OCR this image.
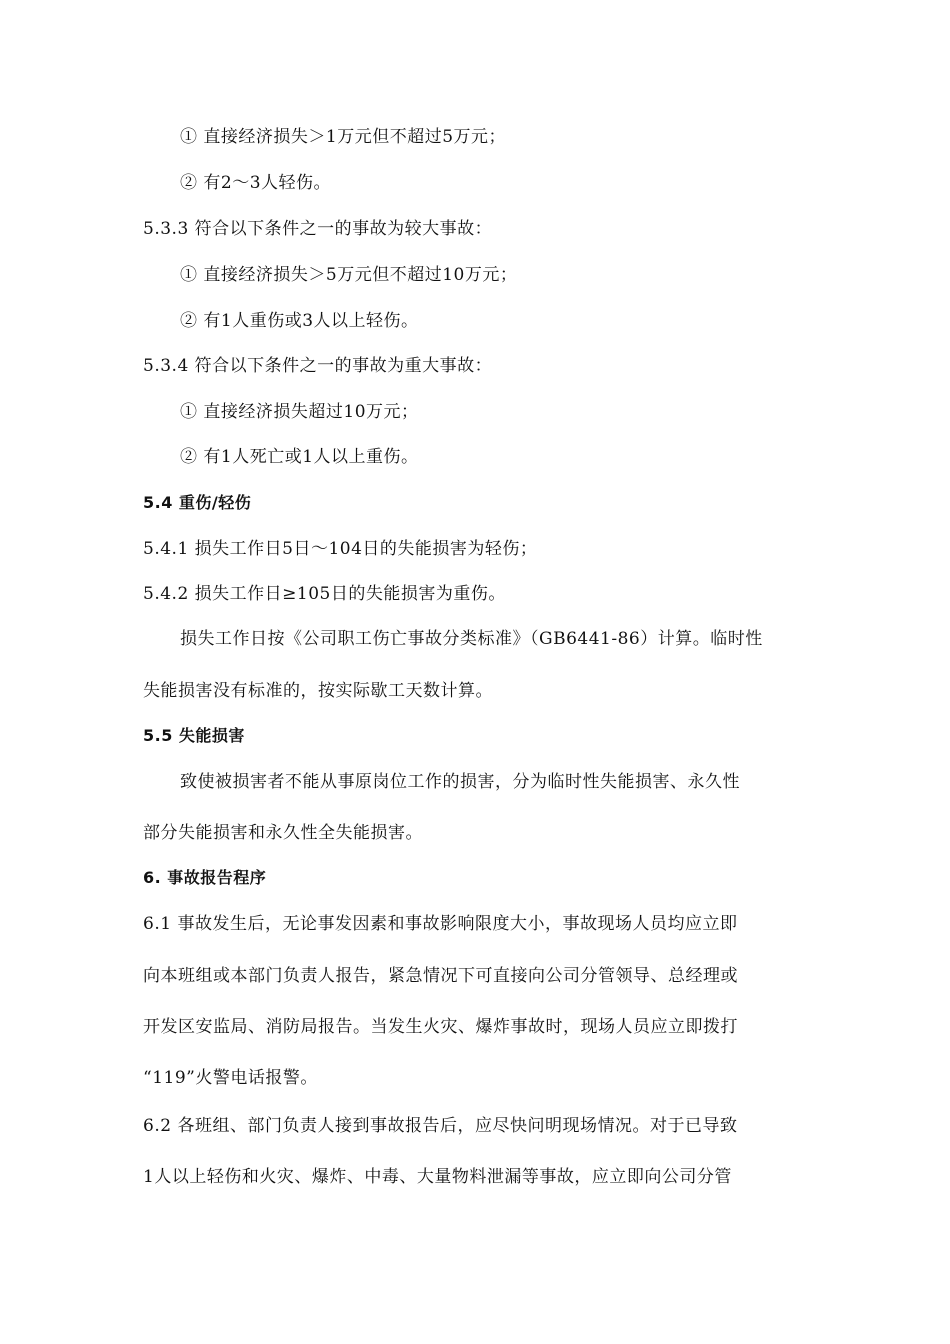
① 直接经济损失＞1万元但不超过5万元；
② 有2～3人轻伤。
5.3.3 符合以下条件之一的事故为较大事故：
① 直接经济损失＞5万元但不超过10万元；
② 有1人重伤或3人以上轻伤。
5.3.4 符合以下条件之一的事故为重大事故：
① 直接经济损失超过10万元；
② 有1人死亡或1人以上重伤。
5.4 重伤/轻伤
5.4.1 损失工作日5日～104日的失能损害为轻伤；
5.4.2 损失工作日≥105日的失能损害为重伤。
损失工作日按《公司职工伤亡事故分类标准》（GB6441-86）计算。临时性
失能损害没有标准的，按实际歇工天数计算。
5.5 失能损害
致使被损害者不能从事原岗位工作的损害，分为临时性失能损害、永久性
部分失能损害和永久性全失能损害。
6. 事故报告程序
6.1 事故发生后，无论事发因素和事故影响限度大小，事故现场人员均应立即
向本班组或本部门负责人报告，紧急情况下可直接向公司分管领导、总经理或
开发区安监局、消防局报告。当发生火灾、爆炸事故时，现场人员应立即拨打
“119”火警电话报警。
6.2 各班组、部门负责人接到事故报告后，应尽快问明现场情况。对于已导致
1人以上轻伤和火灾、爆炸、中毒、大量物料泄漏等事故，应立即向公司分管
